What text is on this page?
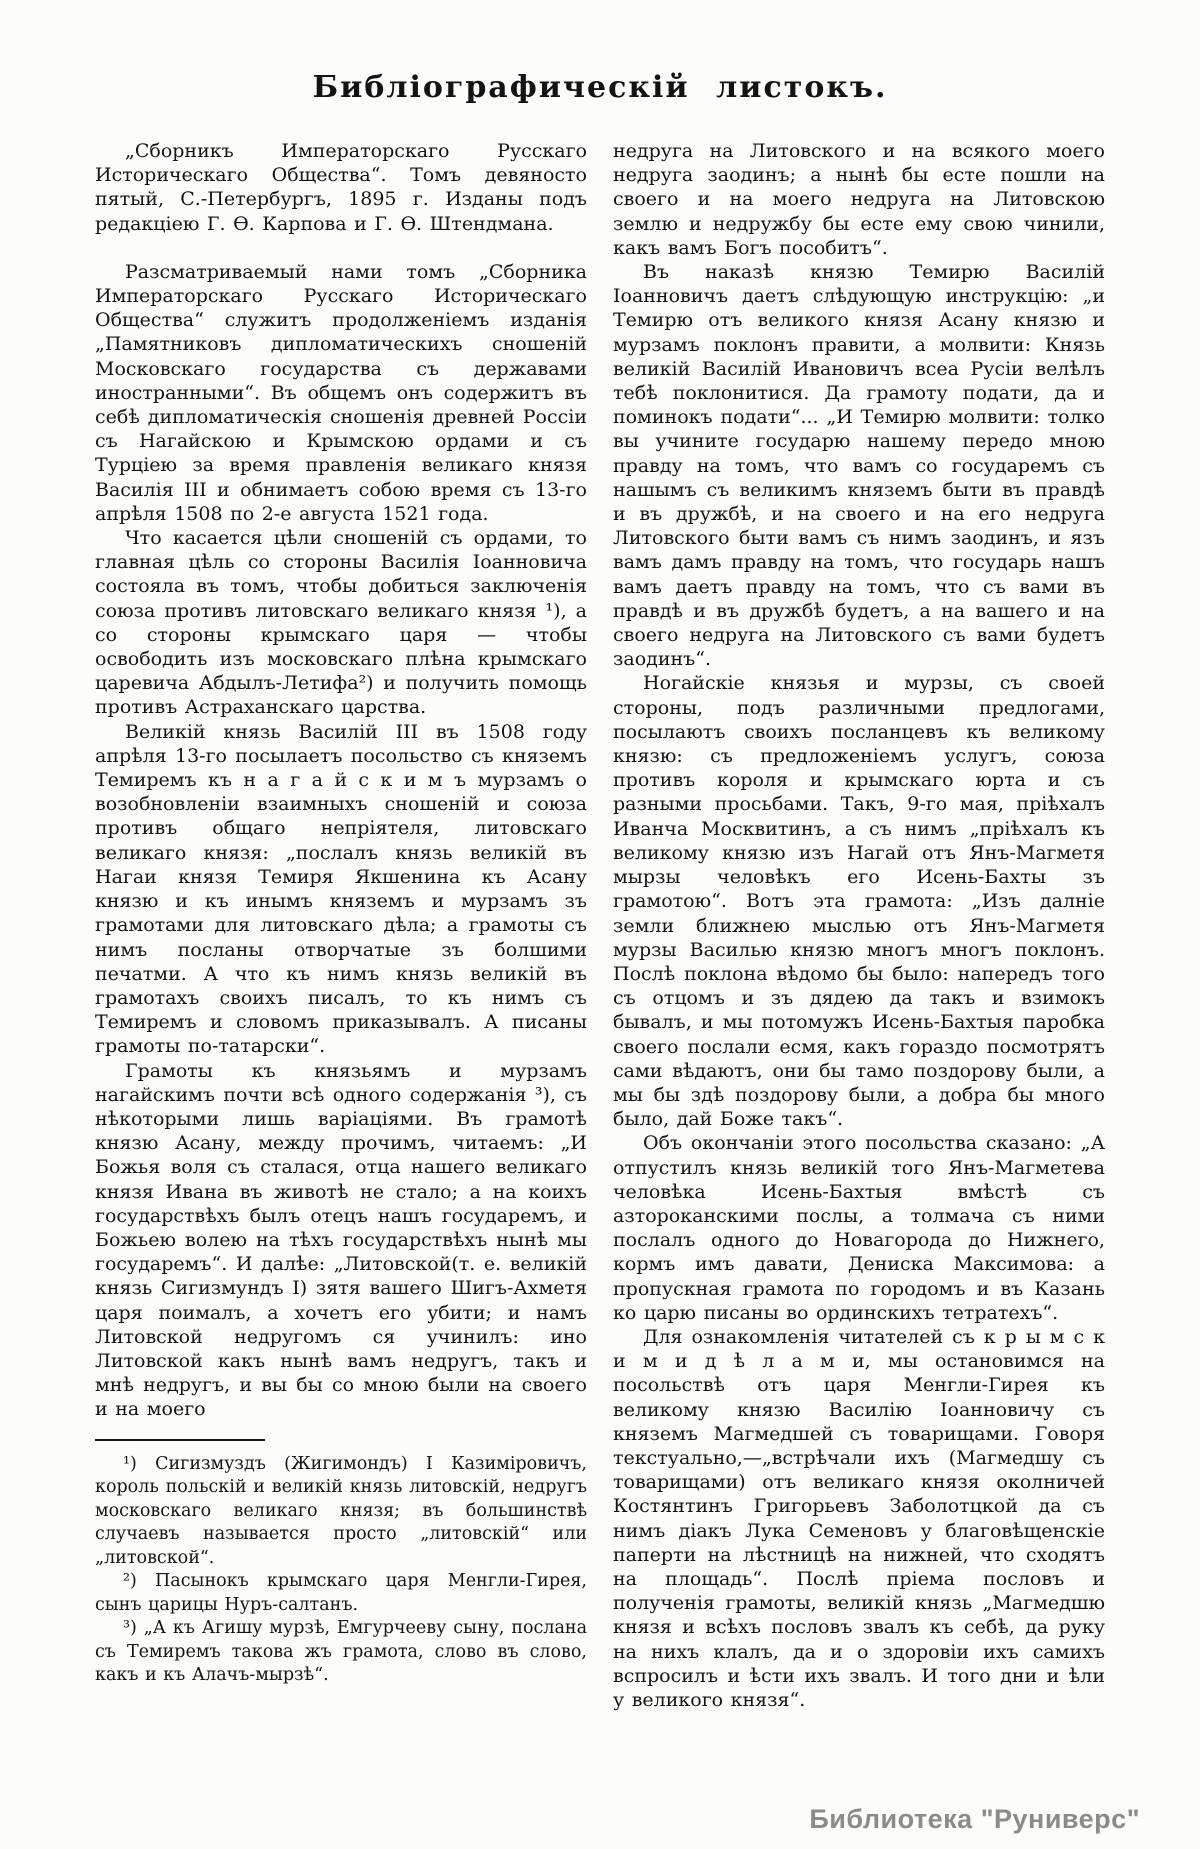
Библіографическій листокъ.

„Сборникъ Императорскаго Русскаго Историческаго Общества“. Томъ девяносто пятый, С.-Петербургъ, 1895 г. Изданы подъ редакціею Г. Ѳ. Карпова и Г. Ѳ. Штендмана.

Разсматриваемый нами томъ „Сборника Императорскаго Русскаго Историческаго Общества“ служитъ продолженіемъ изданія „Памятниковъ дипломатическихъ сношеній Московскаго государства съ державами иностранными“. Въ общемъ онъ содержитъ въ себѣ дипломатическія сношенія древней Россіи съ Нагайскою и Крымскою ордами и съ Турціею за время правленія великаго князя Василія III и обнимаетъ собою время съ 13-го апрѣля 1508 по 2-е августа 1521 года.

Что касается цѣли сношеній съ ордами, то главная цѣль со стороны Василія Іоанновича состояла въ томъ, чтобы добиться заключенія союза противъ литовскаго великаго князя ¹), а со стороны крымскаго царя — чтобы освободить изъ московскаго плѣна крымскаго царевича Абдылъ-Летифа²) и получить помощь противъ Астраханскаго царства.

Великій князь Василій III въ 1508 году апрѣля 13-го посылаетъ посольство съ княземъ Темиремъ къ н а г а й с к и м ъ мурзамъ о возобновленіи взаимныхъ сношеній и союза противъ общаго непріятеля, литовскаго великаго князя: „послалъ князь великій въ Нагаи князя Темиря Якшенина къ Асану князю и къ инымъ княземъ и мурзамъ зъ грамотами для литовскаго дѣла; а грамоты съ нимъ посланы отворчатые зъ болшими печатми. А что къ нимъ князь великій въ грамотахъ своихъ писалъ, то къ нимъ съ Темиремъ и словомъ приказывалъ. А писаны грамоты по-татарски“.

Грамоты къ князьямъ и мурзамъ нагайскимъ почти всѣ одного содержанія ³), съ нѣкоторыми лишь варіаціями. Въ грамотѣ князю Асану, между прочимъ, читаемъ: „И Божья воля съ сталася, отца нашего великаго князя Ивана въ животѣ не стало; а на коихъ государствѣхъ былъ отецъ нашъ государемъ, и Божьею волею на тѣхъ государствѣхъ нынѣ мы государемъ“. И далѣе: „Литовской(т. е. великій князь Сигизмундъ I) зятя вашего Шигъ-Ахметя царя поималъ, а хочетъ его убити; и намъ Литовской недругомъ ся учинилъ: ино Литовской какъ нынѣ вамъ недругъ, такъ и мнѣ недругъ, и вы бы со мною были на своего и на моего

¹) Сигизмуздъ (Жигимондъ) I Казиміровичъ, король польскій и великій князь литовскій, недругъ московскаго великаго князя; въ большинствѣ случаевъ называется просто „литовскій“ или „литовской“.

²) Пасынокъ крымскаго царя Менгли-Гирея, сынъ царицы Нуръ-салтанъ.

³) „А къ Агишу мурзѣ, Емгурчееву сыну, послана съ Темиремъ такова жъ грамота, слово въ слово, какъ и къ Алачъ-мырзѣ“.

недруга на Литовского и на всякого моего недруга заодинъ; а нынѣ бы есте пошли на своего и на моего недруга на Литовскою землю и недружбу бы есте ему свою чинили, какъ вамъ Богъ пособитъ“.

Въ наказѣ князю Темирю Василій Іоанновичъ даетъ слѣдующую инструкцію: „и Темирю отъ великого князя Асану князю и мурзамъ поклонъ правити, а молвити: Князь великій Василій Ивановичъ всеа Русіи велѣлъ тебѣ поклонитися. Да грамоту подати, да и поминокъ подати“... „И Темирю молвити: толко вы учините государю нашему передо мною правду на томъ, что вамъ со государемъ съ нашымъ съ великимъ княземъ быти въ правдѣ и въ дружбѣ, и на своего и на его недруга Литовского быти вамъ съ нимъ заодинъ, и язъ вамъ дамъ правду на томъ, что государь нашъ вамъ даетъ правду на томъ, что съ вами въ правдѣ и въ дружбѣ будетъ, а на вашего и на своего недруга на Литовского съ вами будетъ заодинъ“.

Ногайскіе князья и мурзы, съ своей стороны, подъ различными предлогами, посылаютъ своихъ посланцевъ къ великому князю: съ предложеніемъ услугъ, союза противъ короля и крымскаго юрта и съ разными просьбами. Такъ, 9-го мая, пріѣхалъ Иванча Москвитинъ, а съ нимъ „пріѣхалъ къ великому князю изъ Нагай отъ Янъ-Магметя мырзы человѣкъ его Исень-Бахты зъ грамотою“. Вотъ эта грамота: „Изъ далніе земли ближнею мыслью отъ Янъ-Магметя мурзы Василью князю многъ многъ поклонъ. Послѣ поклона вѣдомо бы было: напередъ того съ отцомъ и зъ дядею да такъ и взимокъ бывалъ, и мы потомужъ Исень-Бахтыя паробка своего послали есмя, какъ гораздо посмотрятъ сами вѣдаютъ, они бы тамо поздорову были, а мы бы здѣ поздорову были, а добра бы много было, дай Боже такъ“.

Объ окончаніи этого посольства сказано: „А отпустилъ князь великій того Янъ-Магметева человѣка Исень-Бахтыя вмѣстѣ съ азтороканскими послы, а толмача съ ними послалъ одного до Новагорода до Нижнего, кормъ имъ давати, Дениска Максимова: а пропускная грамота по городомъ и въ Казань ко царю писаны во ординскихъ тетратехъ“.

Для ознакомленія читателей съ к р ы м с к и м и д ѣ л а м и, мы остановимся на посольствѣ отъ царя Менгли-Гирея къ великому князю Василію Іоанновичу съ княземъ Магмедшей съ товарищами. Говоря текстуально,—„встрѣчали ихъ (Магмедшу съ товарищами) отъ великаго князя околничей Костянтинъ Григорьевъ Заболотцкой да съ нимъ діакъ Лука Семеновъ у благовѣщенскіе паперти на лѣстницѣ на нижней, что сходятъ на площадь“. Послѣ пріема пословъ и полученія грамоты, великій князь „Магмедшю князя и всѣхъ пословъ звалъ къ себѣ, да руку на нихъ клалъ, да и о здоровіи ихъ самихъ вспросилъ и ѣсти ихъ звалъ. И того дни и ѣли у великого князя“.

Библиотека "Руниверс"
